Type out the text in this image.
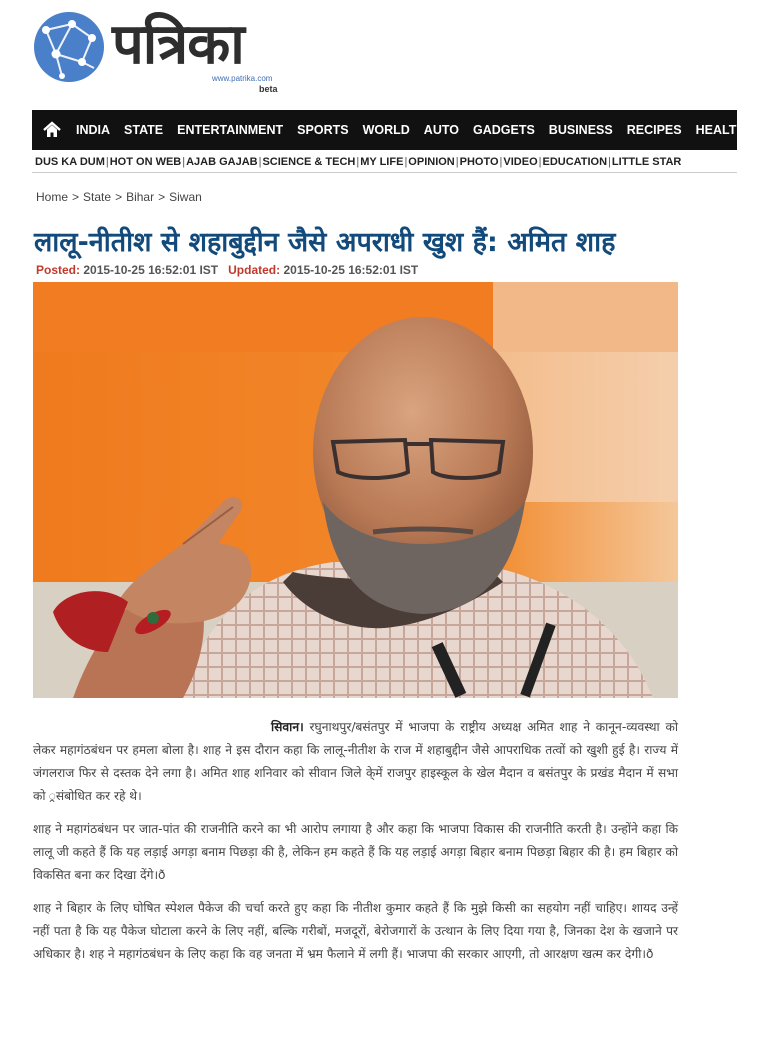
पत्रिका
www.patrika.com
beta
INDIA STATE ENTERTAINMENT SPORTS WORLD AUTO GADGETS BUSINESS RECIPES HEALTH
DUS KA DUM | HOT ON WEB | AJAB GAJAB | SCIENCE & TECH | MY LIFE | OPINION | PHOTO | VIDEO | EDUCATION | LITTLE STAR
Home > State > Bihar > Siwan
लालू-नीतीश से शहाबुद्दीन जैसे अपराधी खुश हैं: अमित शाह
Posted: 2015-10-25 16:52:01 IST Updated: 2015-10-25 16:52:01 IST

सिवान। रघुनाथपुर/बसंतपुर में भाजपा के राष्ट्रीय अध्यक्ष अमित शाह ने कानून-व्यवस्था को लेकर महागंठबंधन पर हमला बोला है। शाह ने इस दौरान कहा कि लालू-नीतीश के राज में शहाबुद्दीन जैसे आपराधिक तत्वों को खुशी हुई है। राज्य में जंगलराज फिर से दस्तक देने लगा है। अमित शाह शनिवार को सीवान जिले के्में राजपुर हाइस्कूल के खेल मैदान व बसंतपुर के प्रखंड मैदान में सभा को ्रसंबोधित कर रहे थे।

शाह ने महागंठबंधन पर जात-पांत की राजनीति करने का भी आरोप लगाया है और कहा कि भाजपा विकास की राजनीति करती है। उन्होंने कहा कि लालू जी कहते हैं कि यह लड़ाई अगड़ा बनाम पिछड़ा की है, लेकिन हम कहते हैं कि यह लड़ाई अगड़ा बिहार बनाम पिछड़ा बिहार की है। हम बिहार को विकसित बना कर दिखा देंगे।ð

शाह ने बिहार के लिए घोषित स्पेशल पैकेज की चर्चा करते हुए कहा कि नीतीश कुमार कहते हैं कि मुझे किसी का सहयोग नहीं चाहिए। शायद उन्हें नहीं पता है कि यह पैकेज घोटाला करने के लिए नहीं, बल्कि गरीबों, मजदूरों, बेरोजगारों के उत्थान के लिए दिया गया है, जिनका देश के खजाने पर अधिकार है। शह ने महागंठबंधन के लिए कहा कि वह जनता में भ्रम फैलाने में लगी हैं। भाजपा की सरकार आएगी, तो आरक्षण खत्म कर देगी।ð
